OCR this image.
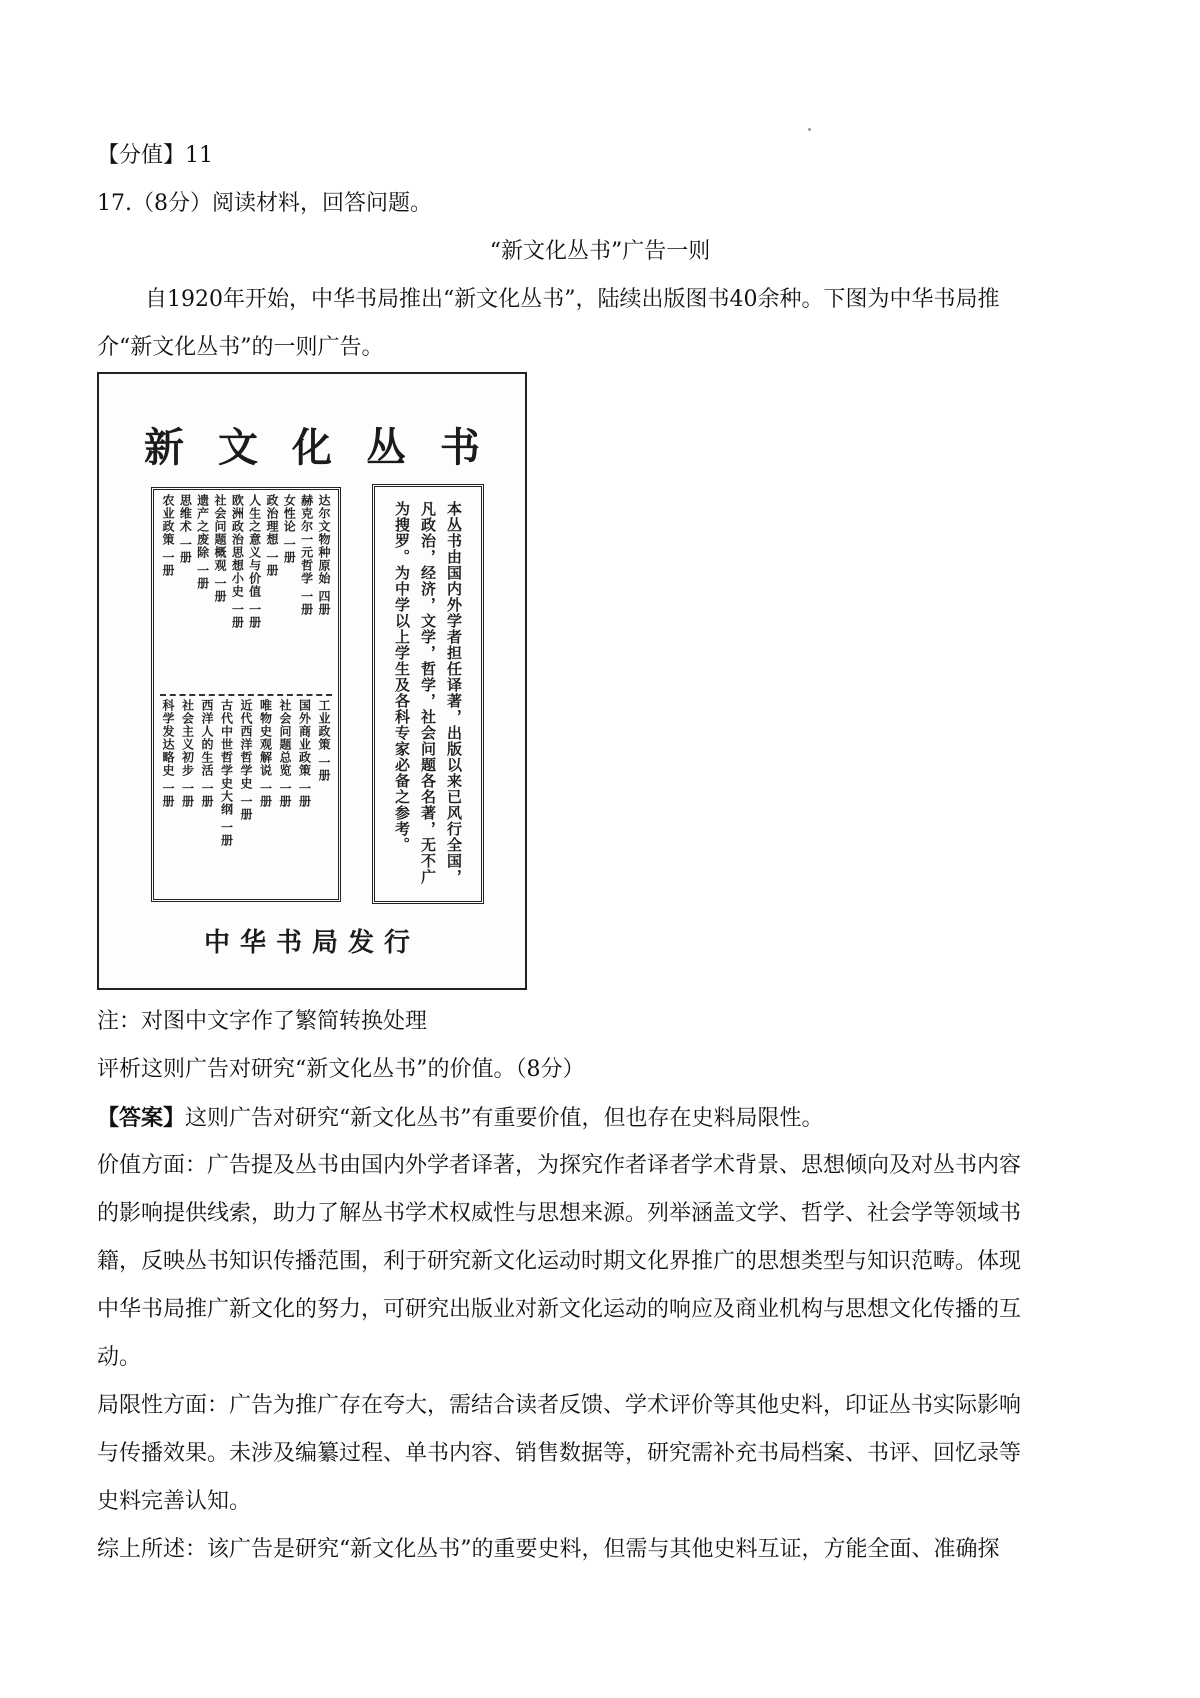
【分值】11
17.（8分）阅读材料，回答问题。
“新文化丛书”广告一则
自1920年开始，中华书局推出“新文化丛书”，陆续出版图书40余种。下图为中华书局推
介“新文化丛书”的一则广告。
新文化丛书
达尔文物种原始 四册
赫克尔一元哲学 一册
女性论 一册
政治理想 一册
人生之意义与价值 一册
欧洲政治思想小史 一册
社会问题概观 一册
遗产之废除 一册
思维术 一册
农业政策 一册
工业政策 一册
国外商业政策 一册
社会问题总览 一册
唯物史观解说 一册
近代西洋哲学史 一册
古代中世哲学史大纲 一册
西洋人的生活 一册
社会主义初步 一册
科学发达略史 一册	本丛书由国内外学者担任译著，出版以来已风行全国，
凡政治，经济，文学，哲学，社会问题各名著，无不广
为搜罗。为中学以上学生及各科专家必备之参考。
中华书局发行
注：对图中文字作了繁简转换处理
评析这则广告对研究“新文化丛书”的价值。（8分）
【答案】这则广告对研究“新文化丛书”有重要价值，但也存在史料局限性。
价值方面：广告提及丛书由国内外学者译著，为探究作者译者学术背景、思想倾向及对丛书内容
的影响提供线索，助力了解丛书学术权威性与思想来源。列举涵盖文学、哲学、社会学等领域书
籍，反映丛书知识传播范围，利于研究新文化运动时期文化界推广的思想类型与知识范畴。体现
中华书局推广新文化的努力，可研究出版业对新文化运动的响应及商业机构与思想文化传播的互
动。
局限性方面：广告为推广存在夸大，需结合读者反馈、学术评价等其他史料，印证丛书实际影响
与传播效果。未涉及编纂过程、单书内容、销售数据等，研究需补充书局档案、书评、回忆录等
史料完善认知。
综上所述：该广告是研究“新文化丛书”的重要史料，但需与其他史料互证，方能全面、准确探
